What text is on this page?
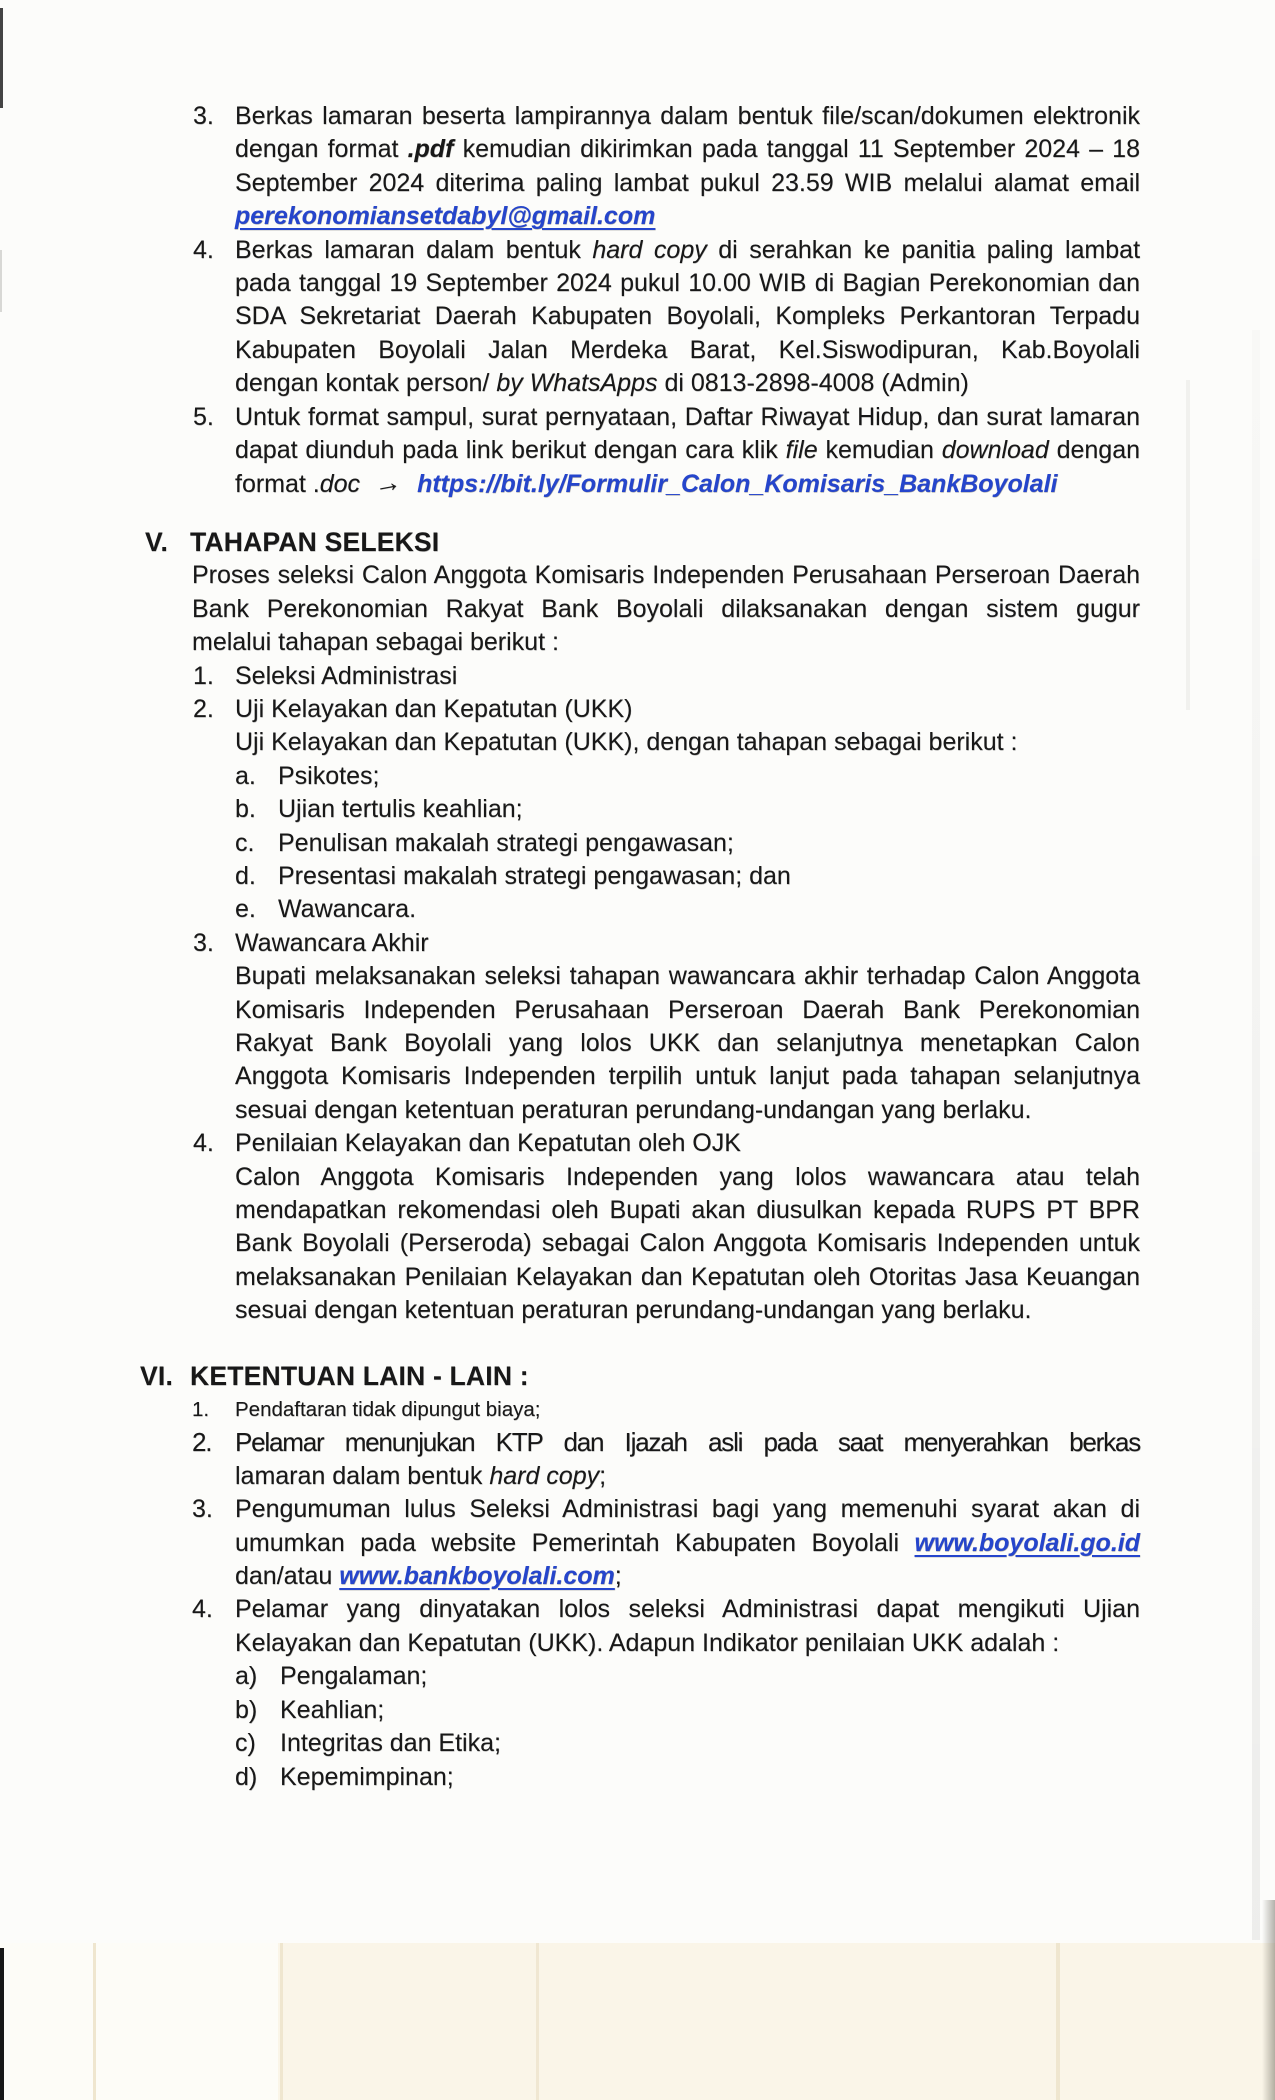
3. Berkas lamaran beserta lampirannya dalam bentuk file/scan/dokumen elektronik
dengan format .pdf kemudian dikirimkan pada tanggal 11 September 2024 – 18
September 2024 diterima paling lambat pukul 23.59 WIB melalui alamat email
perekonomiansetdabyl@gmail.com
4. Berkas lamaran dalam bentuk hard copy di serahkan ke panitia paling lambat
pada tanggal 19 September 2024 pukul 10.00 WIB di Bagian Perekonomian dan
SDA Sekretariat Daerah Kabupaten Boyolali, Kompleks Perkantoran Terpadu
Kabupaten Boyolali Jalan Merdeka Barat, Kel.Siswodipuran, Kab.Boyolali
dengan kontak person/ by WhatsApps di 0813-2898-4008 (Admin)
5. Untuk format sampul, surat pernyataan, Daftar Riwayat Hidup, dan surat lamaran
dapat diunduh pada link berikut dengan cara klik file kemudian download dengan
format .doc → https://bit.ly/Formulir_Calon_Komisaris_BankBoyolali
V. TAHAPAN SELEKSI
Proses seleksi Calon Anggota Komisaris Independen Perusahaan Perseroan Daerah
Bank Perekonomian Rakyat Bank Boyolali dilaksanakan dengan sistem gugur
melalui tahapan sebagai berikut :
1. Seleksi Administrasi
2. Uji Kelayakan dan Kepatutan (UKK)
Uji Kelayakan dan Kepatutan (UKK), dengan tahapan sebagai berikut :
a. Psikotes;
b. Ujian tertulis keahlian;
c. Penulisan makalah strategi pengawasan;
d. Presentasi makalah strategi pengawasan; dan
e. Wawancara.
3. Wawancara Akhir
Bupati melaksanakan seleksi tahapan wawancara akhir terhadap Calon Anggota
Komisaris Independen Perusahaan Perseroan Daerah Bank Perekonomian
Rakyat Bank Boyolali yang lolos UKK dan selanjutnya menetapkan Calon
Anggota Komisaris Independen terpilih untuk lanjut pada tahapan selanjutnya
sesuai dengan ketentuan peraturan perundang-undangan yang berlaku.
4. Penilaian Kelayakan dan Kepatutan oleh OJK
Calon Anggota Komisaris Independen yang lolos wawancara atau telah
mendapatkan rekomendasi oleh Bupati akan diusulkan kepada RUPS PT BPR
Bank Boyolali (Perseroda) sebagai Calon Anggota Komisaris Independen untuk
melaksanakan Penilaian Kelayakan dan Kepatutan oleh Otoritas Jasa Keuangan
sesuai dengan ketentuan peraturan perundang-undangan yang berlaku.
VI. KETENTUAN LAIN - LAIN :
1. Pendaftaran tidak dipungut biaya;
2. Pelamar menunjukan KTP dan Ijazah asli pada saat menyerahkan berkas
lamaran dalam bentuk hard copy;
3. Pengumuman lulus Seleksi Administrasi bagi yang memenuhi syarat akan di
umumkan pada website Pemerintah Kabupaten Boyolali www.boyolali.go.id
dan/atau www.bankboyolali.com;
4. Pelamar yang dinyatakan lolos seleksi Administrasi dapat mengikuti Ujian
Kelayakan dan Kepatutan (UKK). Adapun Indikator penilaian UKK adalah :
a) Pengalaman;
b) Keahlian;
c) Integritas dan Etika;
d) Kepemimpinan;
